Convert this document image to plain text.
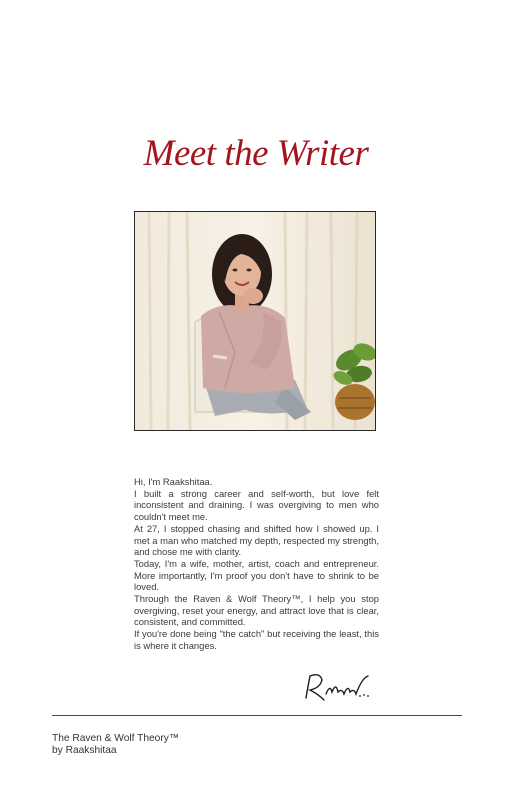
Meet the Writer

Hi, I'm Raakshitaa.

I built a strong career and self-worth, but love felt inconsistent and draining. I was overgiving to men who couldn't meet me.

At 27, I stopped chasing and shifted how I showed up. I met a man who matched my depth, respected my strength, and chose me with clarity.

Today, I'm a wife, mother, artist, coach and entrepreneur. More importantly, I'm proof you don't have to shrink to be loved.

Through the Raven & Wolf Theory™, I help you stop overgiving, reset your energy, and attract love that is clear, consistent, and committed.

If you're done being "the catch" but receiving the least, this is where it changes.

The Raven & Wolf Theory™
by Raakshitaa
